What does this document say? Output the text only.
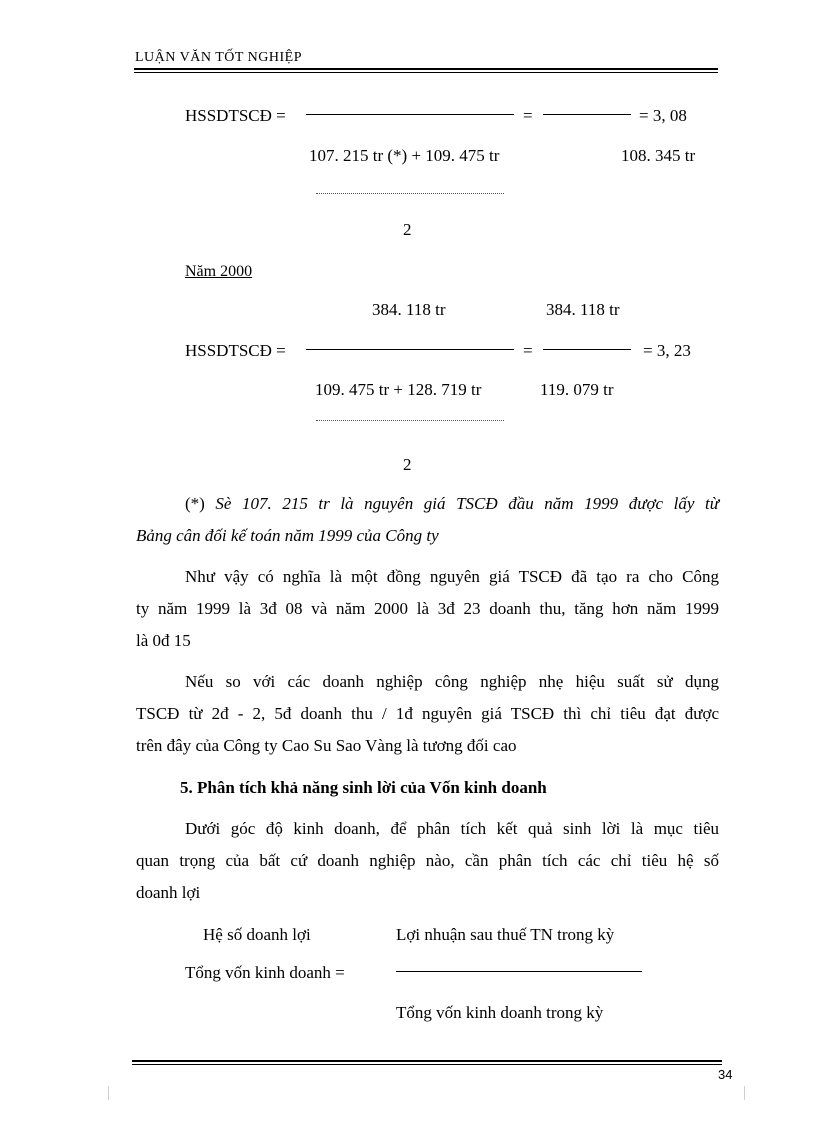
LUẬN VĂN TỐT NGHIỆP
HSSDTSCĐ =	=	= 3, 08
107. 215 tr (*) + 109. 475 tr	108. 345 tr
2
Năm 2000
384. 118 tr	384. 118 tr
HSSDTSCĐ =	=	= 3, 23
109. 475 tr + 128. 719 tr	119. 079 tr
2
(*) Sè 107. 215 tr là nguyên giá TSCĐ đầu năm 1999 được lấy từ
Bảng cân đối kế toán năm 1999 của Công ty
Như vậy có nghĩa là một đồng nguyên giá TSCĐ đã tạo ra cho Công
ty năm 1999 là 3đ 08 và năm 2000 là 3đ 23 doanh thu, tăng hơn năm 1999
là 0đ 15
Nếu so với các doanh nghiệp công nghiệp nhẹ hiệu suất sử dụng
TSCĐ từ 2đ - 2, 5đ doanh thu / 1đ nguyên giá TSCĐ thì chỉ tiêu đạt được
trên đây của Công ty Cao Su Sao Vàng là tương đối cao
5. Phân tích khả năng sinh lời của Vốn kinh doanh
Dưới góc độ kinh doanh, để phân tích kết quả sinh lời là mục tiêu
quan trọng của bất cứ doanh nghiệp nào, cần phân tích các chỉ tiêu hệ số
doanh lợi
Hệ số doanh lợi	Lợi nhuận sau thuế TN trong kỳ
Tổng vốn kinh doanh =
Tổng vốn kinh doanh trong kỳ
34
